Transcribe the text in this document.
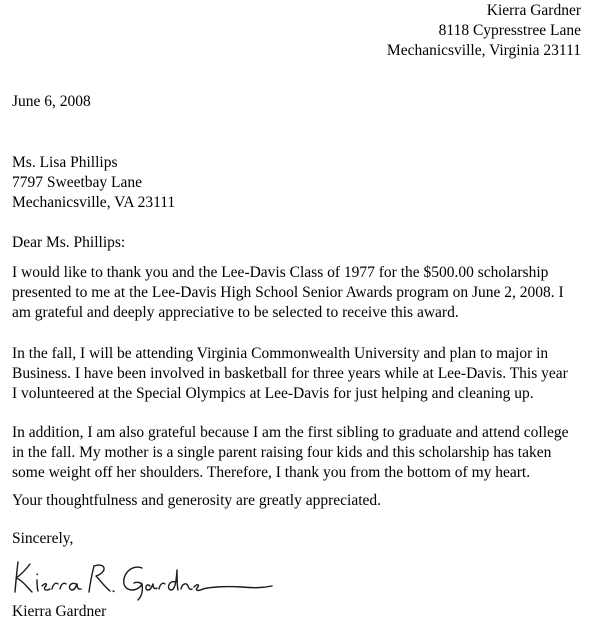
Kierra Gardner
8118 Cypresstree Lane
Mechanicsville, Virginia 23111
June 6, 2008
Ms. Lisa Phillips
7797 Sweetbay Lane
Mechanicsville, VA 23111
Dear Ms. Phillips:
I would like to thank you and the Lee-Davis Class of 1977 for the $500.00 scholarship
presented to me at the Lee-Davis High School Senior Awards program on June 2, 2008. I
am grateful and deeply appreciative to be selected to receive this award.
In the fall, I will be attending Virginia Commonwealth University and plan to major in
Business. I have been involved in basketball for three years while at Lee-Davis. This year
I volunteered at the Special Olympics at Lee-Davis for just helping and cleaning up.
In addition, I am also grateful because I am the first sibling to graduate and attend college
in the fall. My mother is a single parent raising four kids and this scholarship has taken
some weight off her shoulders. Therefore, I thank you from the bottom of my heart.
Your thoughtfulness and generosity are greatly appreciated.
Sincerely,
Kierra Gardner
